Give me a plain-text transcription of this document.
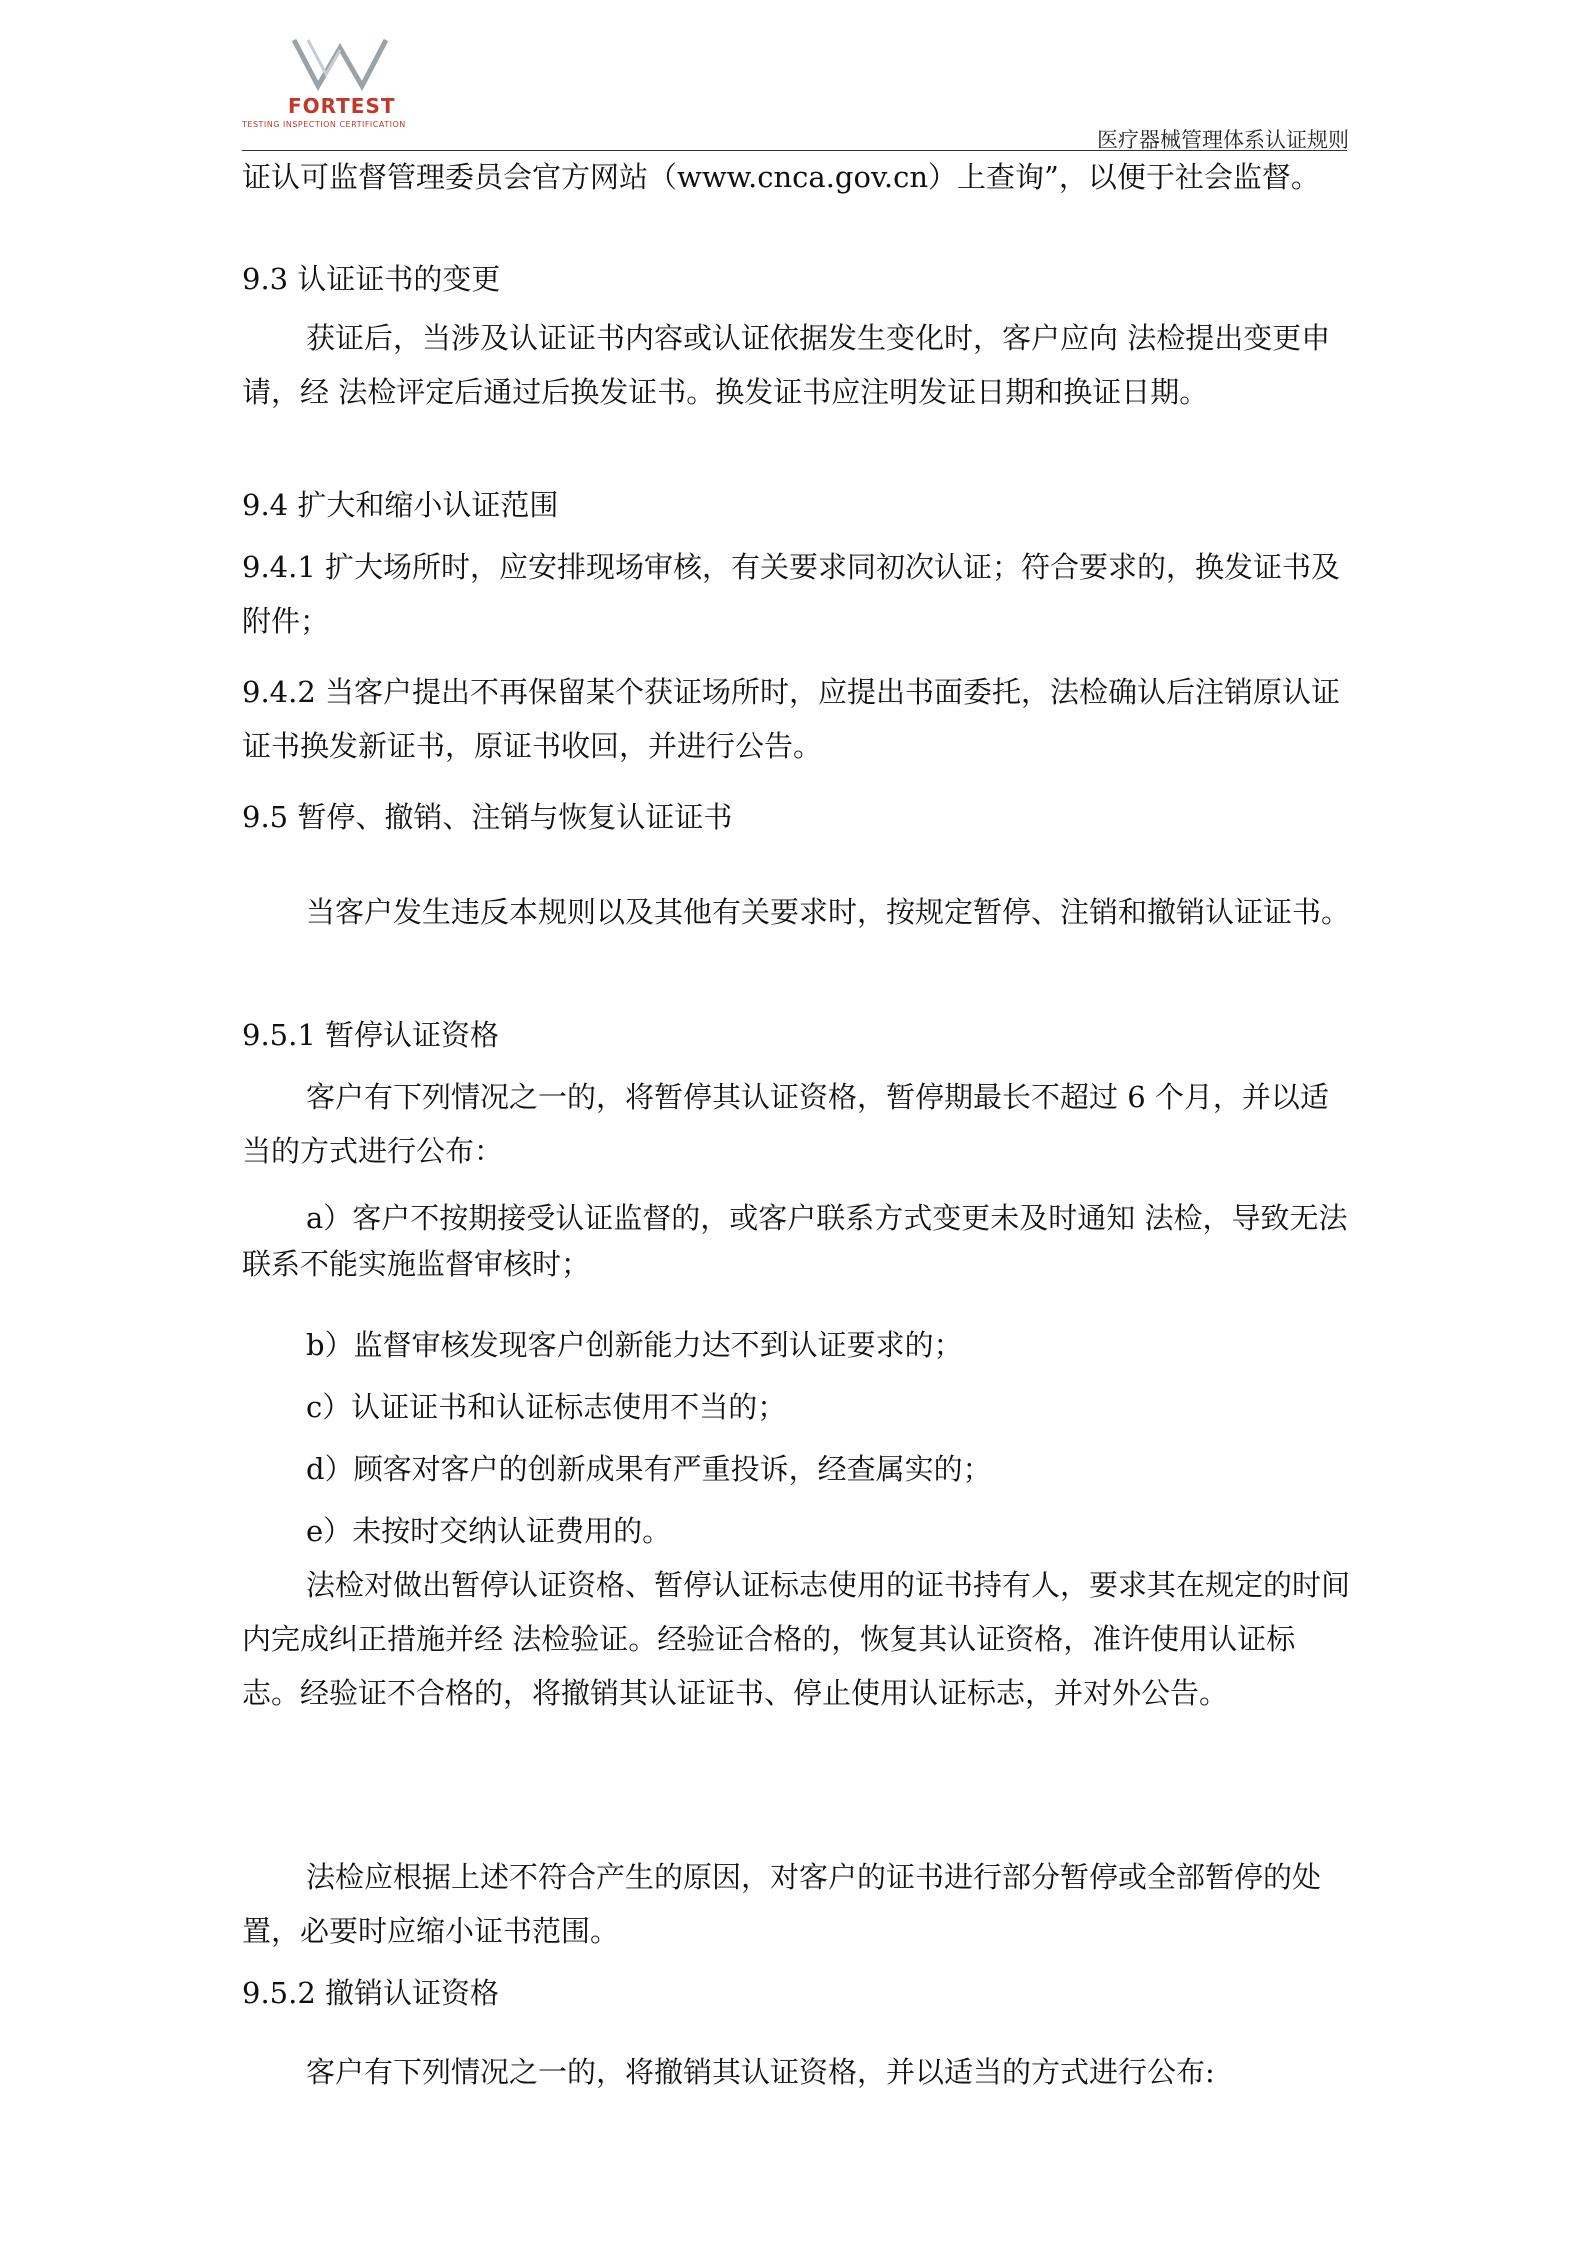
FORTEST
TESTING INSPECTION CERTIFICATION
医疗器械管理体系认证规则
证认可监督管理委员会官方网站（www.cnca.gov.cn）上查询”，以便于社会监督。
9.3 认证证书的变更
获证后，当涉及认证证书内容或认证依据发生变化时，客户应向 法检提出变更申请，经 法检评定后通过后换发证书。换发证书应注明发证日期和换证日期。
9.4 扩大和缩小认证范围
9.4.1 扩大场所时，应安排现场审核，有关要求同初次认证；符合要求的，换发证书及附件；
9.4.2 当客户提出不再保留某个获证场所时，应提出书面委托，法检确认后注销原认证证书换发新证书，原证书收回，并进行公告。
9.5 暂停、撤销、注销与恢复认证证书
当客户发生违反本规则以及其他有关要求时，按规定暂停、注销和撤销认证证书。
9.5.1 暂停认证资格
客户有下列情况之一的，将暂停其认证资格，暂停期最长不超过 6 个月，并以适当的方式进行公布：
a）客户不按期接受认证监督的，或客户联系方式变更未及时通知 法检，导致无法联系不能实施监督审核时；
b）监督审核发现客户创新能力达不到认证要求的；
c）认证证书和认证标志使用不当的；
d）顾客对客户的创新成果有严重投诉，经查属实的；
e）未按时交纳认证费用的。
法检对做出暂停认证资格、暂停认证标志使用的证书持有人，要求其在规定的时间内完成纠正措施并经 法检验证。经验证合格的，恢复其认证资格，准许使用认证标志。经验证不合格的，将撤销其认证证书、停止使用认证标志，并对外公告。
法检应根据上述不符合产生的原因，对客户的证书进行部分暂停或全部暂停的处置，必要时应缩小证书范围。
9.5.2 撤销认证资格
客户有下列情况之一的，将撤销其认证资格，并以适当的方式进行公布:
